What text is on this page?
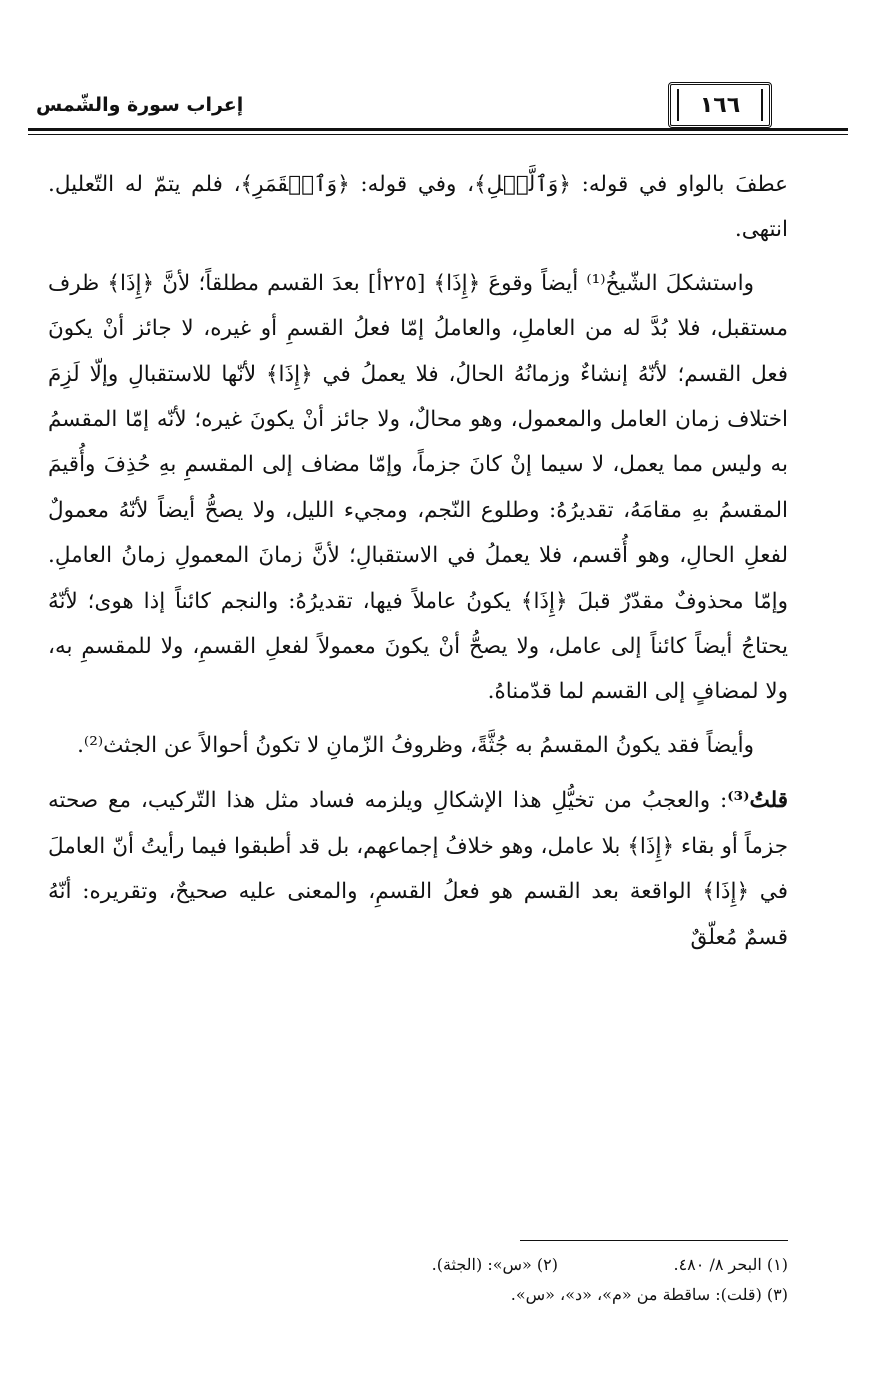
إعراب سورة والشّمس	١٦٦

عطفَ بالواو في قوله: ﴿وَٱلَّيۡلِ﴾، وفي قوله: ﴿وَٱلۡقَمَرِ﴾، فلم يتمّ له التّعليل. انتهى.

واستشكلَ الشّيخُ⁽¹⁾ أيضاً وقوعَ ﴿إِذَا﴾ [٢٢٥أ] بعدَ القسم مطلقاً؛ لأنَّ ﴿إِذَا﴾ ظرف مستقبل، فلا بُدَّ له من العاملِ، والعاملُ إمّا فعلُ القسمِ أو غيره، لا جائز أنْ يكونَ فعل القسم؛ لأنّهُ إنشاءٌ وزمانُهُ الحالُ، فلا يعملُ في ﴿إِذَا﴾ لأنّها للاستقبالِ وإلّا لَزِمَ اختلاف زمان العامل والمعمول، وهو محالٌ، ولا جائز أنْ يكونَ غيره؛ لأنّه إمّا المقسمُ به وليس مما يعمل، لا سيما إنْ كانَ جزماً، وإمّا مضاف إلى المقسمِ بهِ حُذِفَ وأُقيمَ المقسمُ بهِ مقامَهُ، تقديرُهُ: وطلوع النّجم، ومجيء الليل، ولا يصحُّ أيضاً لأنّهُ معمولٌ لفعلِ الحالِ، وهو أُقسم، فلا يعملُ في الاستقبالِ؛ لأنَّ زمانَ المعمولِ زمانُ العاملِ. وإمّا محذوفٌ مقدّرٌ قبلَ ﴿إِذَا﴾ يكونُ عاملاً فيها، تقديرُهُ: والنجم كائناً إذا هوى؛ لأنّهُ يحتاجُ أيضاً كائناً إلى عامل، ولا يصحُّ أنْ يكونَ معمولاً لفعلِ القسمِ، ولا للمقسمِ به، ولا لمضافٍ إلى القسم لما قدّمناهُ.

وأيضاً فقد يكونُ المقسمُ به جُثَّةً، وظروفُ الزّمانِ لا تكونُ أحوالاً عن الجثث⁽²⁾.

قلتُ⁽³⁾: والعجبُ من تخيُّلِ هذا الإشكالِ ويلزمه فساد مثل هذا التّركيب، مع صحته جزماً أو بقاء ﴿إِذَا﴾ بلا عامل، وهو خلافُ إجماعهم، بل قد أطبقوا فيما رأيتُ أنّ العاملَ في ﴿إِذَا﴾ الواقعة بعد القسم هو فعلُ القسمِ، والمعنى عليه صحيحٌ، وتقريره: أنّهُ قسمٌ مُعلّقٌ

(١) البحر ٨/ ٤٨٠.
(٢) «س»: (الجثة).
(٣) (قلت): ساقطة من «م»، «د»، «س».
